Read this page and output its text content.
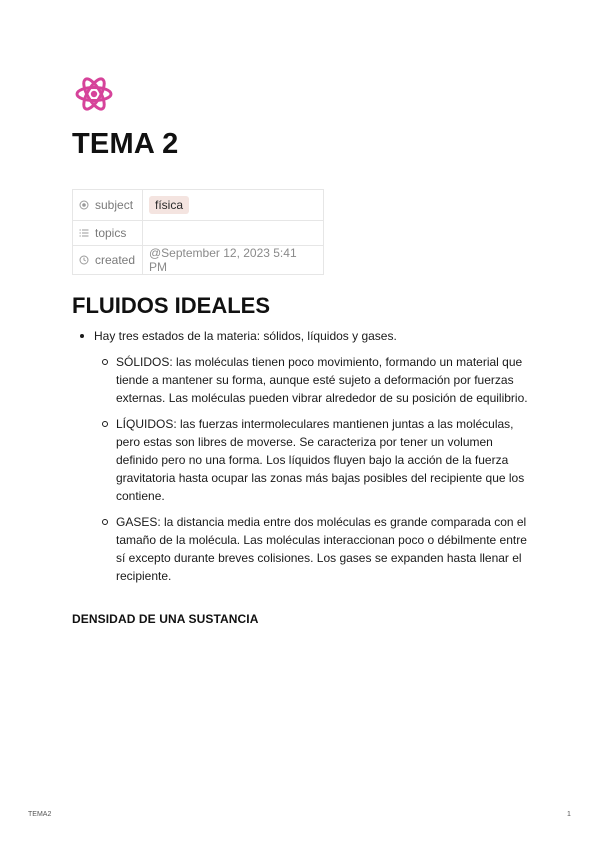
TEMA 2
subject	física

topics	

created	@September 12, 2023 5:41 PM
FLUIDOS IDEALES
Hay tres estados de la materia: sólidos, líquidos y gases.
SÓLIDOS: las moléculas tienen poco movimiento, formando un material que tiende a mantener su forma, aunque esté sujeto a deformación por fuerzas externas. Las moléculas pueden vibrar alrededor de su posición de equilibrio.
LÍQUIDOS: las fuerzas intermoleculares mantienen juntas a las moléculas, pero estas son libres de moverse. Se caracteriza por tener un volumen definido pero no una forma. Los líquidos fluyen bajo la acción de la fuerza gravitatoria hasta ocupar las zonas más bajas posibles del recipiente que los contiene.
GASES: la distancia media entre dos moléculas es grande comparada con el tamaño de la molécula. Las moléculas interaccionan poco o débilmente entre sí excepto durante breves colisiones. Los gases se expanden hasta llenar el recipiente.
DENSIDAD DE UNA SUSTANCIA
TEMA2	1
